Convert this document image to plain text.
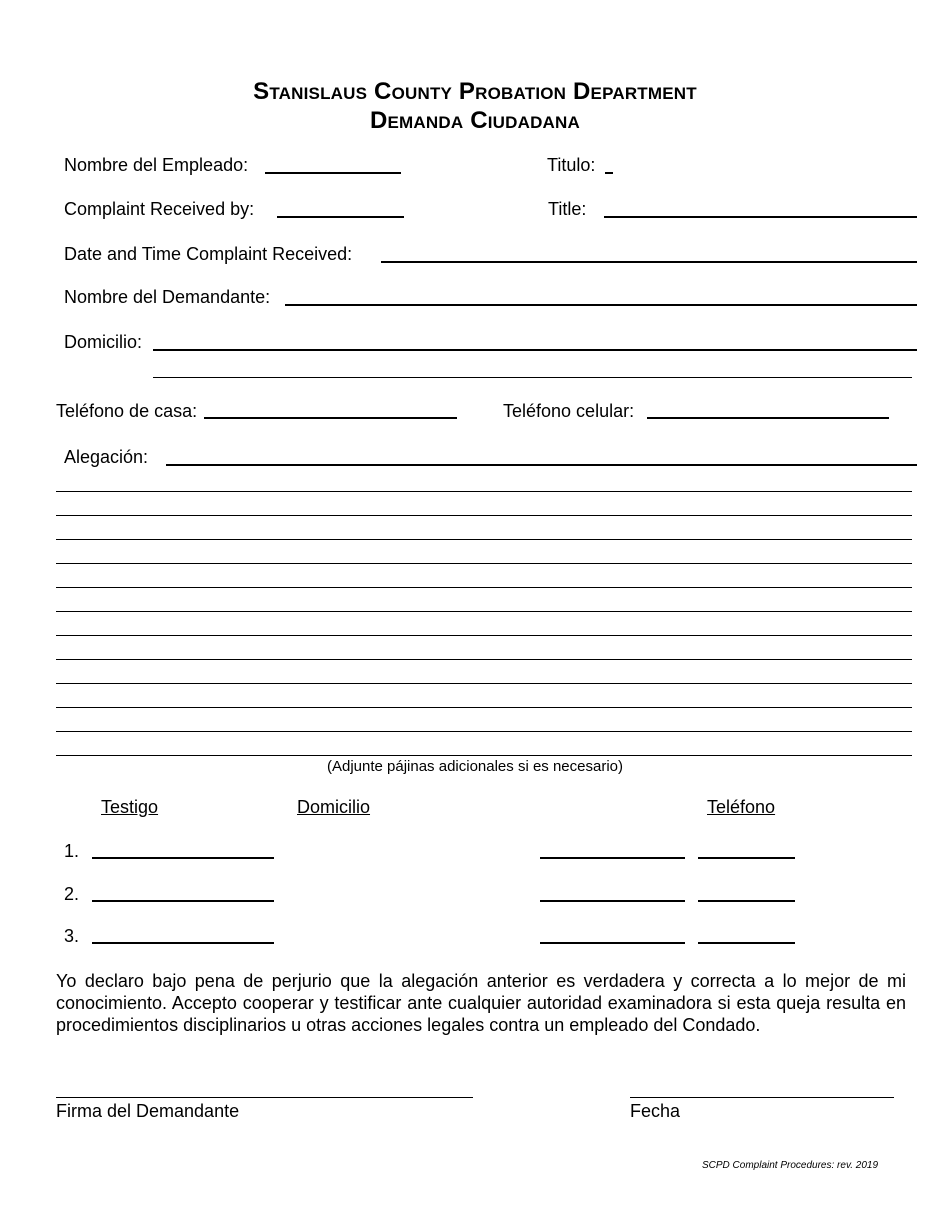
Stanislaus County Probation Department
Demanda Ciudadana
Nombre del Empleado:	Titulo:
Complaint Received by:	Title:
Date and Time Complaint Received:
Nombre del Demandante:
Domicilio:
Teléfono de casa:	Teléfono celular:
Alegación:
(Adjunte pájinas adicionales si es necesario)
Testigo	Domicilio	Teléfono
1.
2.
3.
Yo declaro bajo pena de perjurio que la alegación anterior es verdadera y correcta a lo mejor de mi conocimiento. Accepto cooperar y testificar ante cualquier autoridad examinadora si esta queja resulta en procedimientos disciplinarios u otras acciones legales contra un empleado del Condado.
Firma del Demandante	Fecha
SCPD Complaint Procedures: rev. 2019
